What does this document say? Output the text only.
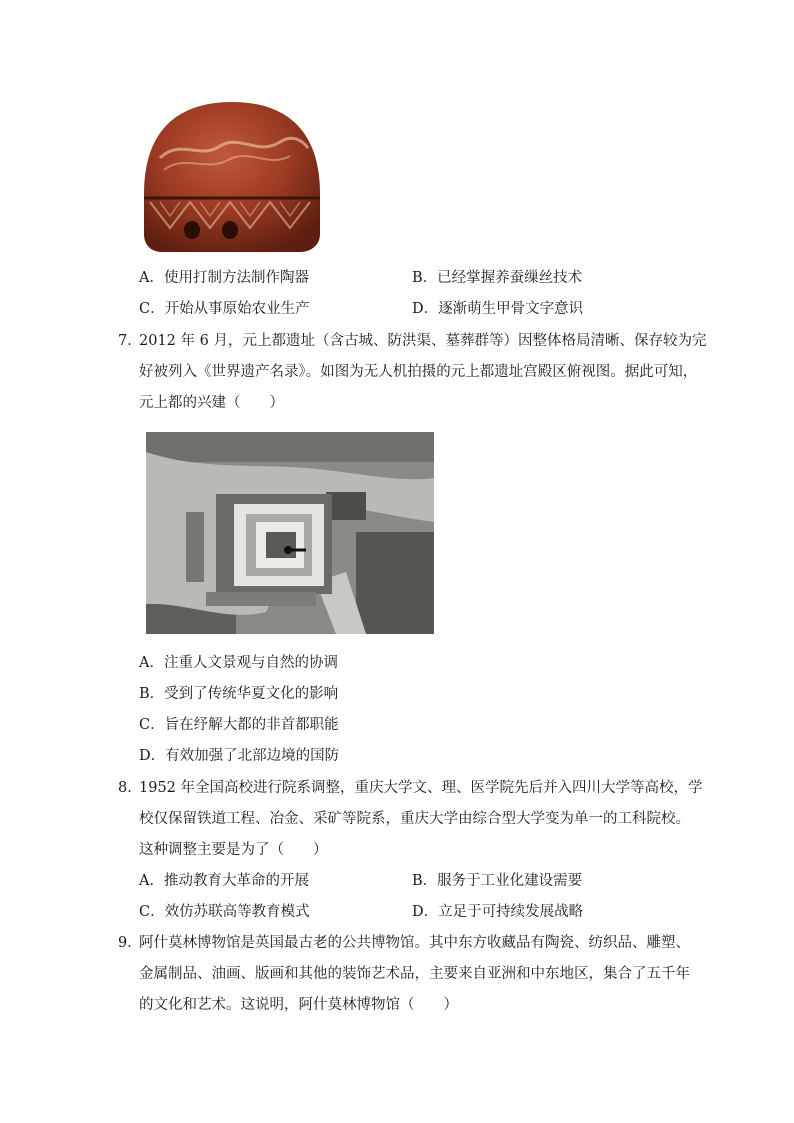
A．使用打制方法制作陶器	B．已经掌握养蚕缫丝技术
C．开始从事原始农业生产	D．逐渐萌生甲骨文字意识
7．
2012 年 6 月，元上都遗址（含古城、防洪渠、墓葬群等）因整体格局清晰、保存较为完
好被列入《世界遗产名录》。如图为无人机拍摄的元上都遗址宫殿区俯视图。据此可知，
元上都的兴建（　　）
A．注重人文景观与自然的协调
B．受到了传统华夏文化的影响
C．旨在纾解大都的非首都职能
D．有效加强了北部边境的国防
8．
1952 年全国高校进行院系调整，重庆大学文、理、医学院先后并入四川大学等高校，学
校仅保留铁道工程、冶金、采矿等院系，重庆大学由综合型大学变为单一的工科院校。
这种调整主要是为了（　　）
A．推动教育大革命的开展	B．服务于工业化建设需要
C．效仿苏联高等教育模式	D．立足于可持续发展战略
9．
阿什莫林博物馆是英国最古老的公共博物馆。其中东方收藏品有陶瓷、纺织品、雕塑、
金属制品、油画、版画和其他的装饰艺术品，主要来自亚洲和中东地区，集合了五千年
的文化和艺术。这说明，阿什莫林博物馆（　　）
